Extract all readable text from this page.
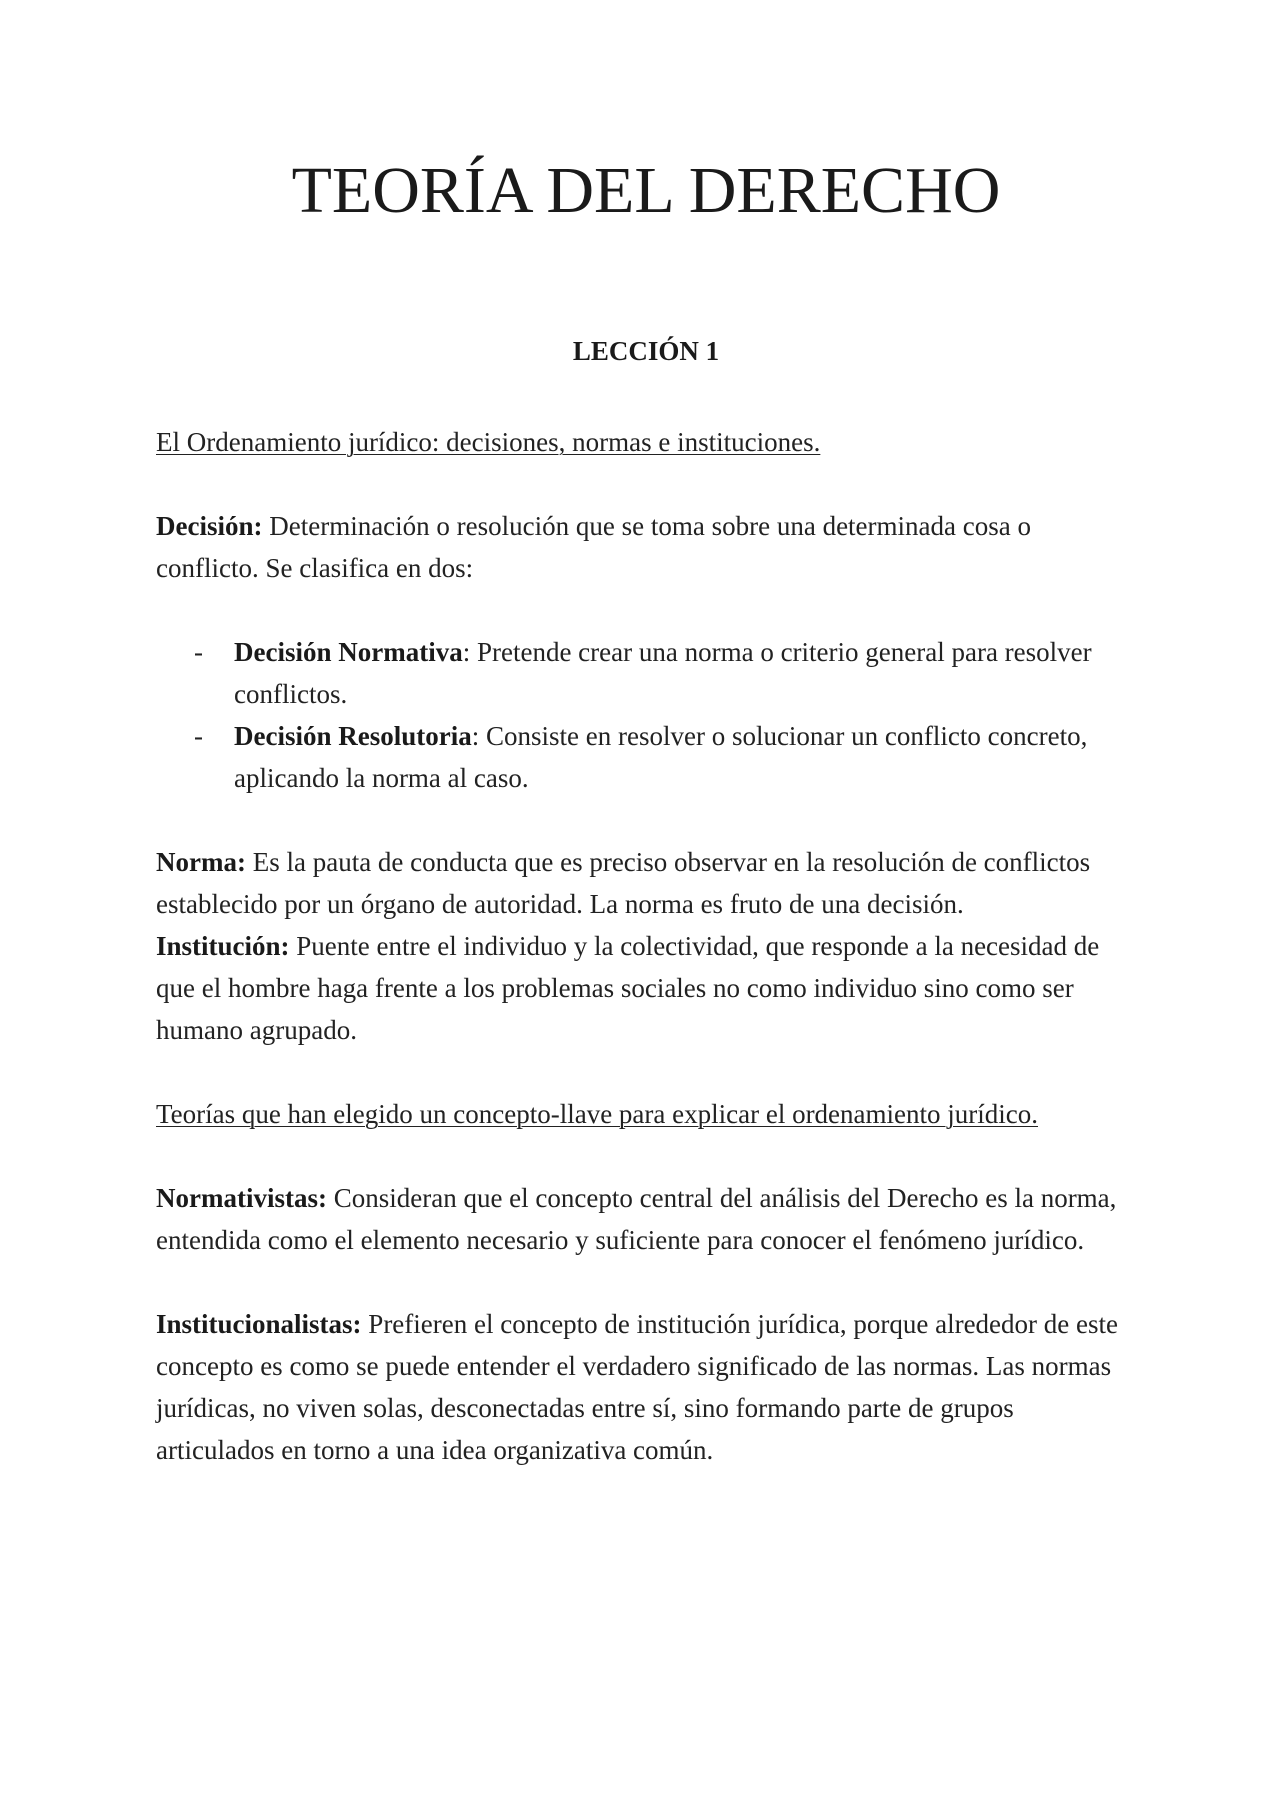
TEORÍA DEL DERECHO
LECCIÓN 1

El Ordenamiento jurídico: decisiones, normas e instituciones.

Decisión: Determinación o resolución que se toma sobre una determinada cosa o conflicto. Se clasifica en dos:

- Decisión Normativa: Pretende crear una norma o criterio general para resolver conflictos.
- Decisión Resolutoria: Consiste en resolver o solucionar un conflicto concreto, aplicando la norma al caso.

Norma: Es la pauta de conducta que es preciso observar en la resolución de conflictos establecido por un órgano de autoridad. La norma es fruto de una decisión.

Institución: Puente entre el individuo y la colectividad, que responde a la necesidad de que el hombre haga frente a los problemas sociales no como individuo sino como ser humano agrupado.

Teorías que han elegido un concepto-llave para explicar el ordenamiento jurídico.

Normativistas: Consideran que el concepto central del análisis del Derecho es la norma, entendida como el elemento necesario y suficiente para conocer el fenómeno jurídico.

Institucionalistas: Prefieren el concepto de institución jurídica, porque alrededor de este concepto es como se puede entender el verdadero significado de las normas. Las normas jurídicas, no viven solas, desconectadas entre sí, sino formando parte de grupos articulados en torno a una idea organizativa común.
